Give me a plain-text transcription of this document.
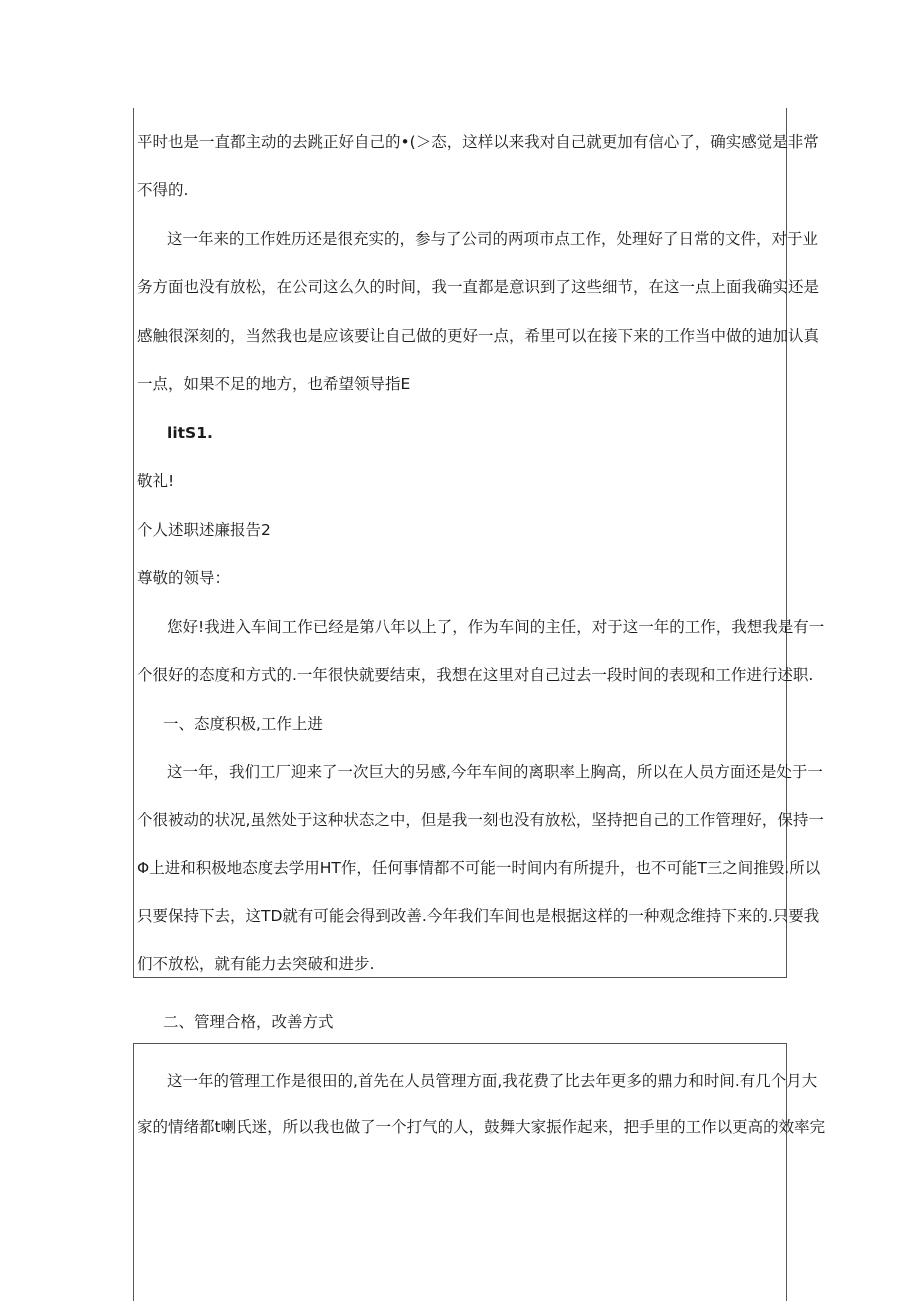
平时也是一直都主动的去跳正好自己的•(＞态，这样以来我对自己就更加有信心了，确实感觉是非常
不得的.
这一年来的工作姓历还是很充实的，参与了公司的两项市点工作，处理好了日常的文件，对于业
务方面也没有放松，在公司这么久的时间，我一直都是意识到了这些细节，在这一点上面我确实还是
感触很深刻的，当然我也是应该要让自己做的更好一点，希里可以在接下来的工作当中做的迪加认真
一点，如果不足的地方，也希望领导指E
litS1.
敬礼!
个人述职述廉报告2
尊敬的领导：
您好!我进入车间工作已经是第八年以上了，作为车间的主任，对于这一年的工作，我想我是有一
个很好的态度和方式的.一年很快就要结束，我想在这里对自己过去一段时间的表现和工作进行述职.
一、态度积极,工作上进
这一年，我们工厂迎来了一次巨大的另感,今年车间的离职率上胸高，所以在人员方面还是处于一
个很被动的状况,虽然处于这种状态之中，但是我一刻也没有放松，坚持把自己的工作管理好，保持一
Φ上进和积极地态度去学用HT作，任何事情都不可能一时间内有所提升，也不可能T三之间推毁.所以
只要保持下去，这TD就有可能会得到改善.今年我们车间也是根据这样的一种观念维持下来的.只要我
们不放松，就有能力去突破和进步.
二、管理合格，改善方式
这一年的管理工作是很田的,首先在人员管理方面,我花费了比去年更多的鼎力和时间.有几个月大
家的情绪都t喇氏迷，所以我也做了一个打气的人，鼓舞大家振作起来，把手里的工作以更高的效率完
